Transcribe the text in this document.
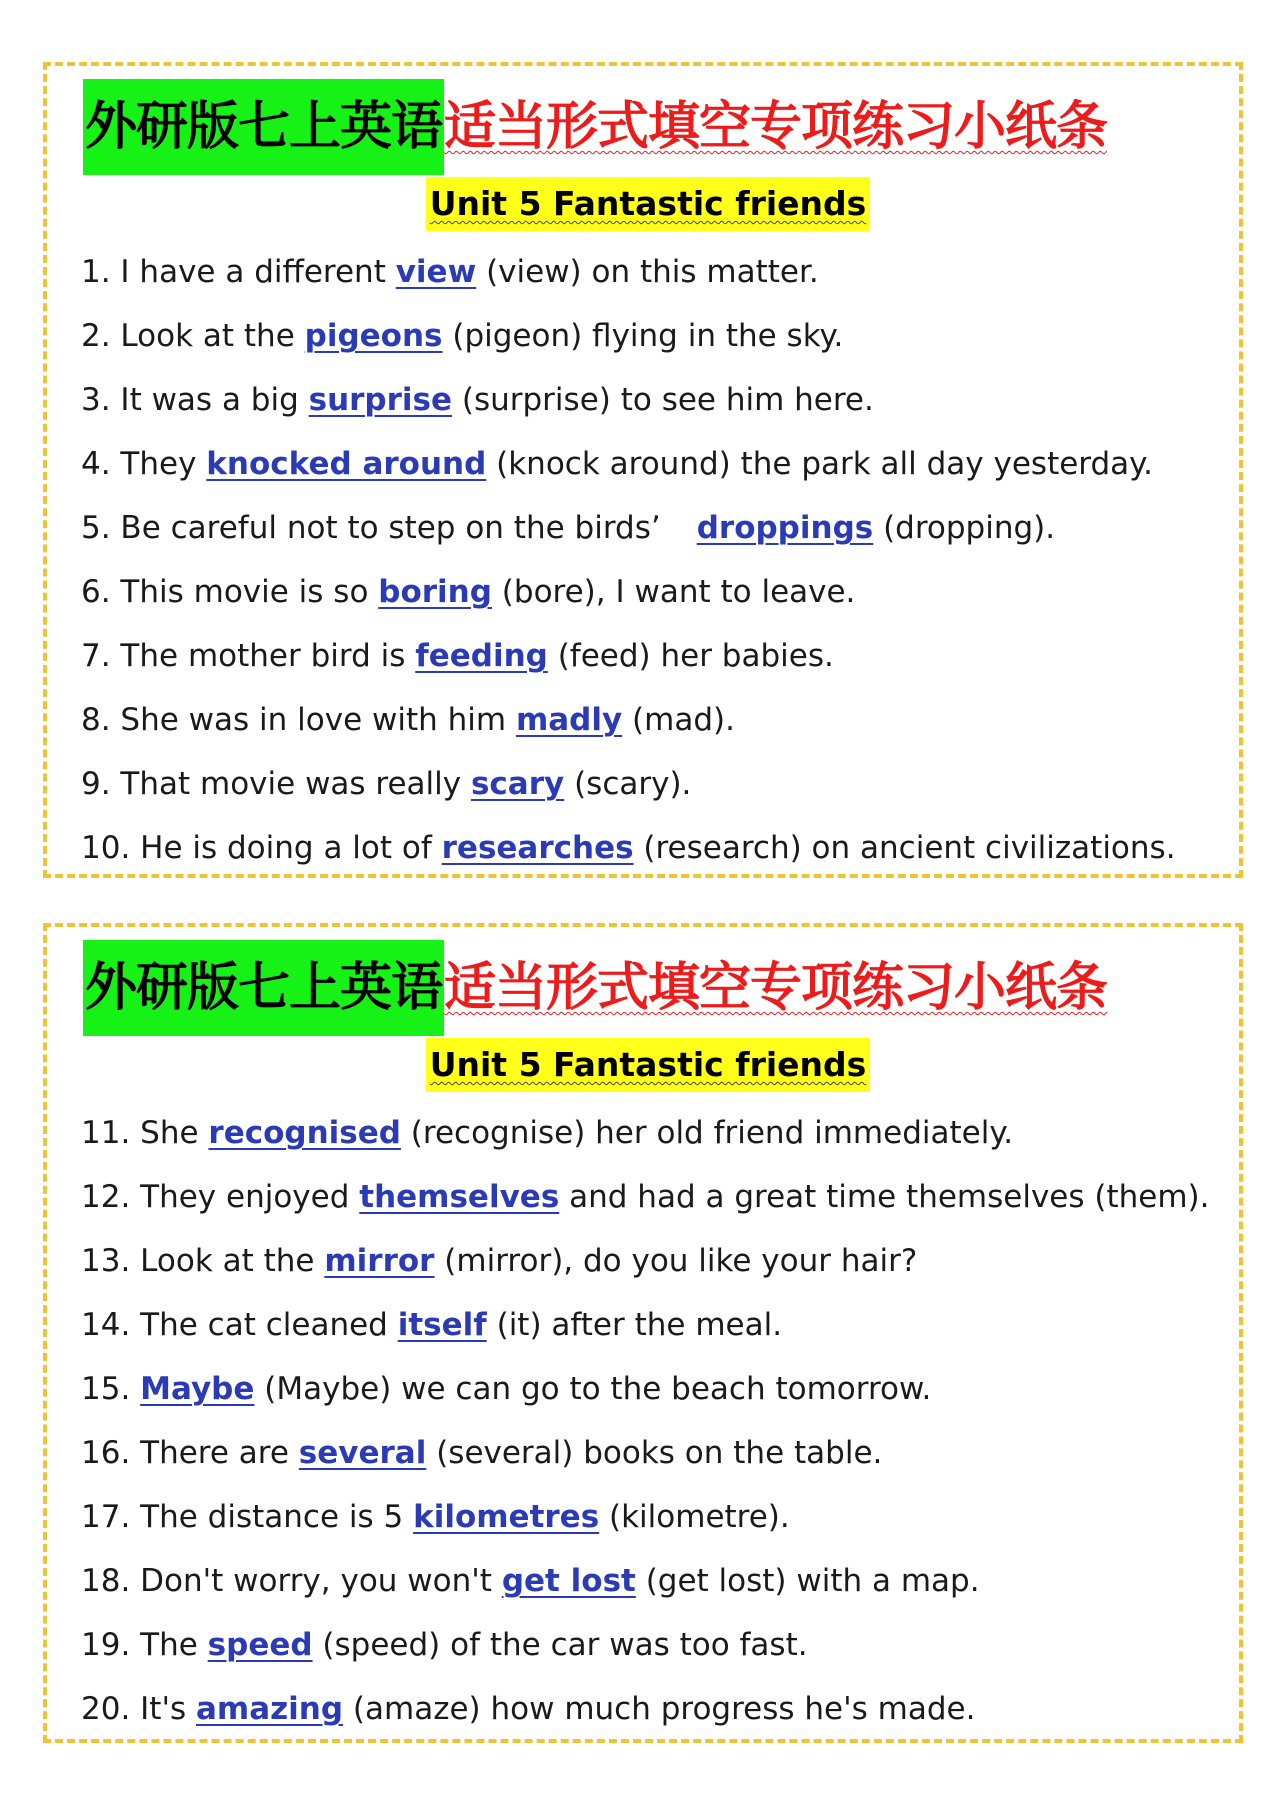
外研版七上英语 适当形式填空专项练习小纸条
Unit 5 Fantastic friends
1. I have a different view (view) on this matter.
2. Look at the pigeons (pigeon) flying in the sky.
3. It was a big surprise (surprise) to see him here.
4. They knocked around (knock around) the park all day yesterday.
5. Be careful not to step on the birds’ droppings (dropping).
6. This movie is so boring (bore), I want to leave.
7. The mother bird is feeding (feed) her babies.
8. She was in love with him madly (mad).
9. That movie was really scary (scary).
10. He is doing a lot of researches (research) on ancient civilizations.
外研版七上英语 适当形式填空专项练习小纸条
Unit 5 Fantastic friends
11. She recognised (recognise) her old friend immediately.
12. They enjoyed themselves and had a great time themselves (them).
13. Look at the mirror (mirror), do you like your hair?
14. The cat cleaned itself (it) after the meal.
15. Maybe (Maybe) we can go to the beach tomorrow.
16. There are several (several) books on the table.
17. The distance is 5 kilometres (kilometre).
18. Don't worry, you won't get lost (get lost) with a map.
19. The speed (speed) of the car was too fast.
20. It's amazing (amaze) how much progress he's made.
